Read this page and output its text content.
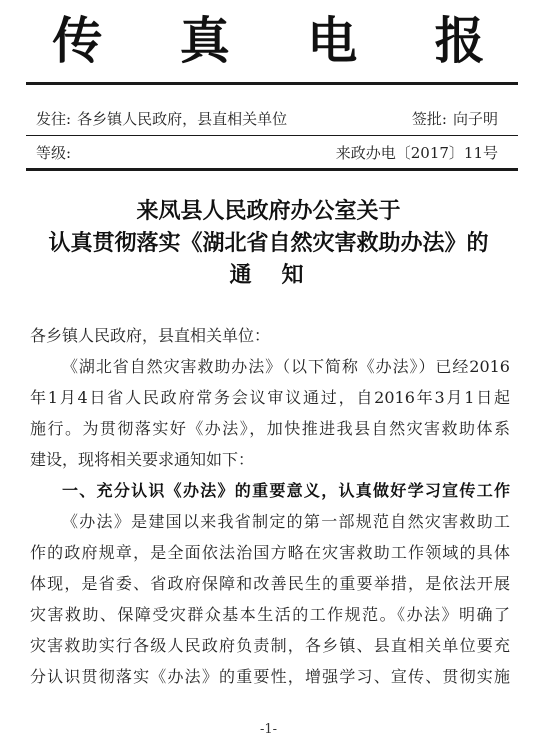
传 真 电 报
发往: 各乡镇人民政府，县直相关单位	签批: 向子明
等级:	来政办电〔2017〕11号
来凤县人民政府办公室关于
认真贯彻落实《湖北省自然灾害救助办法》的
通　知
各乡镇人民政府，县直相关单位：
《湖北省自然灾害救助办法》（以下简称《办法》）已经2016
年1月4日省人民政府常务会议审议通过，自2016年3月1日起
施行。为贯彻落实好《办法》，加快推进我县自然灾害救助体系
建设，现将相关要求通知如下：
一、充分认识《办法》的重要意义，认真做好学习宣传工作
《办法》是建国以来我省制定的第一部规范自然灾害救助工
作的政府规章，是全面依法治国方略在灾害救助工作领域的具体
体现，是省委、省政府保障和改善民生的重要举措，是依法开展
灾害救助、保障受灾群众基本生活的工作规范。《办法》明确了
灾害救助实行各级人民政府负责制，各乡镇、县直相关单位要充
分认识贯彻落实《办法》的重要性，增强学习、宣传、贯彻实施
-1-
